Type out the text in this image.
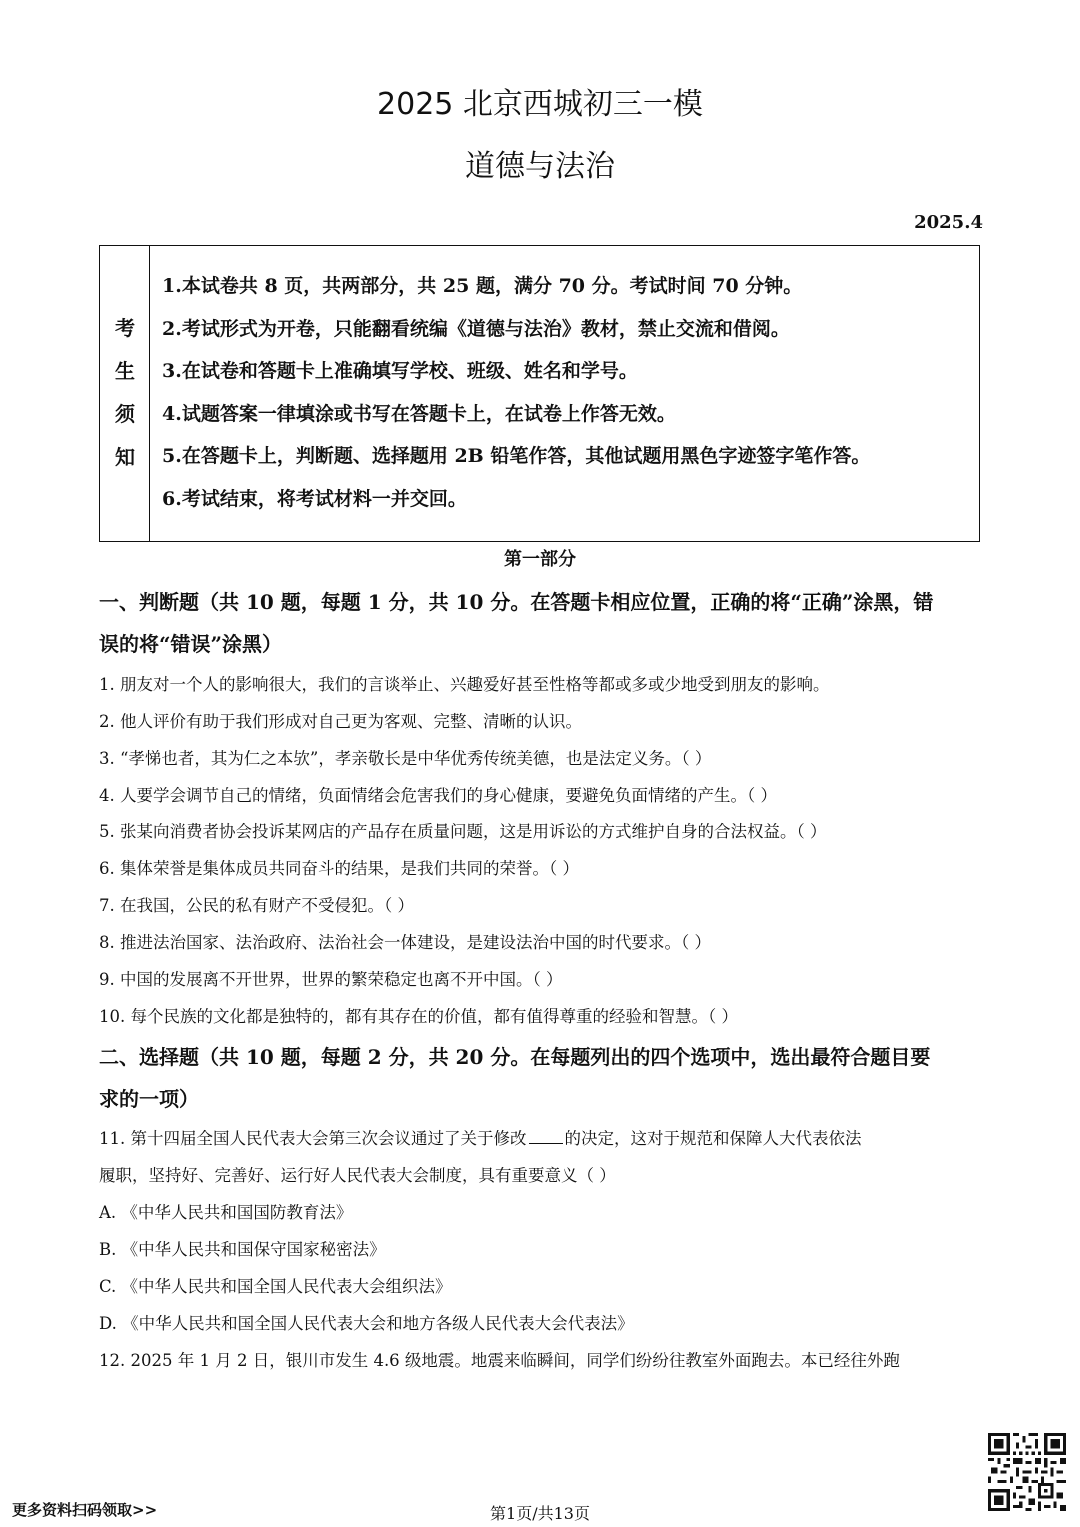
2025 北京西城初三一模
道德与法治
2025.4
考
生
须
知
1.本试卷共 8 页，共两部分，共 25 题，满分 70 分。考试时间 70 分钟。
2.考试形式为开卷，只能翻看统编《道德与法治》教材，禁止交流和借阅。
3.在试卷和答题卡上准确填写学校、班级、姓名和学号。
4.试题答案一律填涂或书写在答题卡上，在试卷上作答无效。
5.在答题卡上，判断题、选择题用 2B 铅笔作答，其他试题用黑色字迹签字笔作答。
6.考试结束，将考试材料一并交回。
第一部分
一、判断题（共 10 题，每题 1 分，共 10 分。在答题卡相应位置，正确的将“正确”涂黑，错
误的将“错误”涂黑）
1. 朋友对一个人的影响很大，我们的言谈举止、兴趣爱好甚至性格等都或多或少地受到朋友的影响。
2. 他人评价有助于我们形成对自己更为客观、完整、清晰的认识。
3. “孝悌也者，其为仁之本欤”，孝亲敬长是中华优秀传统美德，也是法定义务。（ ）
4. 人要学会调节自己的情绪，负面情绪会危害我们的身心健康，要避免负面情绪的产生。（ ）
5. 张某向消费者协会投诉某网店的产品存在质量问题，这是用诉讼的方式维护自身的合法权益。（ ）
6. 集体荣誉是集体成员共同奋斗的结果，是我们共同的荣誉。（ ）
7. 在我国，公民的私有财产不受侵犯。（ ）
8. 推进法治国家、法治政府、法治社会一体建设，是建设法治中国的时代要求。（ ）
9. 中国的发展离不开世界，世界的繁荣稳定也离不开中国。（ ）
10. 每个民族的文化都是独特的，都有其存在的价值，都有值得尊重的经验和智慧。（ ）
二、选择题（共 10 题，每题 2 分，共 20 分。在每题列出的四个选项中，选出最符合题目要
求的一项）
11. 第十四届全国人民代表大会第三次会议通过了关于修改 的决定，这对于规范和保障人大代表依法
履职，坚持好、完善好、运行好人民代表大会制度，具有重要意义（ ）
A. 《中华人民共和国国防教育法》
B. 《中华人民共和国保守国家秘密法》
C. 《中华人民共和国全国人民代表大会组织法》
D. 《中华人民共和国全国人民代表大会和地方各级人民代表大会代表法》
12. 2025 年 1 月 2 日，银川市发生 4.6 级地震。地震来临瞬间，同学们纷纷往教室外面跑去。本已经往外跑
更多资料扫码领取>>	第1页/共13页
